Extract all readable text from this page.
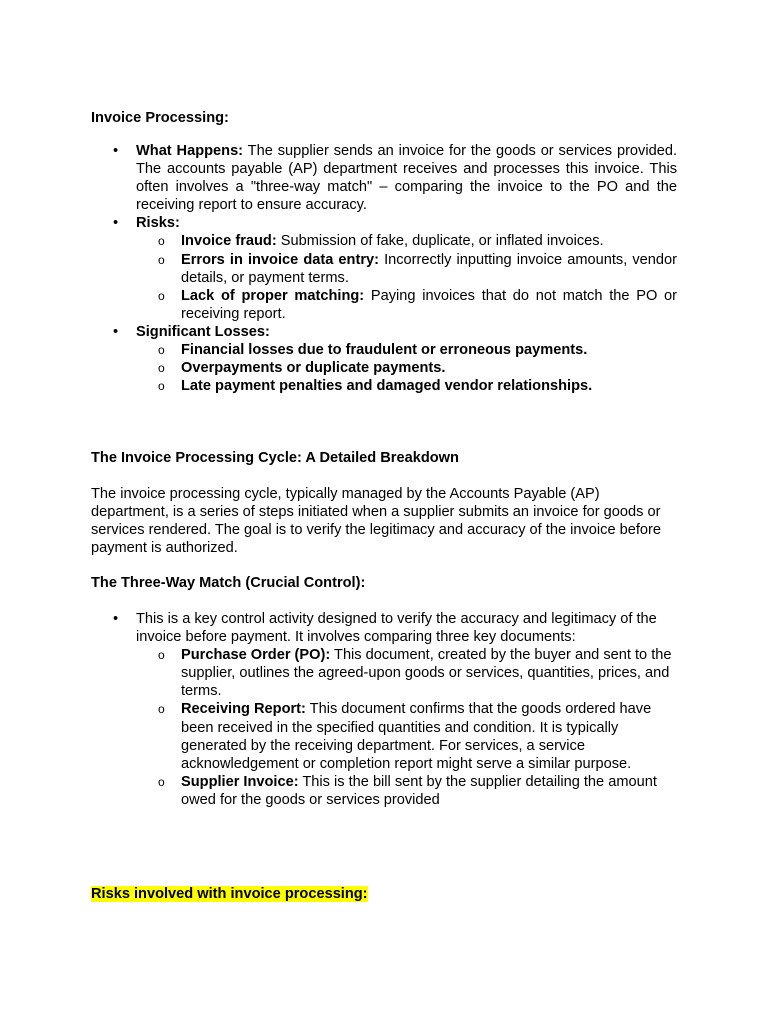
Invoice Processing:
• What Happens: The supplier sends an invoice for the goods or services provided. The accounts payable (AP) department receives and processes this invoice. This often involves a "three-way match" – comparing the invoice to the PO and the receiving report to ensure accuracy.
• Risks:
o Invoice fraud: Submission of fake, duplicate, or inflated invoices.
o Errors in invoice data entry: Incorrectly inputting invoice amounts, vendor details, or payment terms.
o Lack of proper matching: Paying invoices that do not match the PO or receiving report.
• Significant Losses:
o Financial losses due to fraudulent or erroneous payments.
o Overpayments or duplicate payments.
o Late payment penalties and damaged vendor relationships.
The Invoice Processing Cycle: A Detailed Breakdown
The invoice processing cycle, typically managed by the Accounts Payable (AP) department, is a series of steps initiated when a supplier submits an invoice for goods or services rendered. The goal is to verify the legitimacy and accuracy of the invoice before payment is authorized.
The Three-Way Match (Crucial Control):
• This is a key control activity designed to verify the accuracy and legitimacy of the invoice before payment. It involves comparing three key documents:
o Purchase Order (PO): This document, created by the buyer and sent to the supplier, outlines the agreed-upon goods or services, quantities, prices, and terms.
o Receiving Report: This document confirms that the goods ordered have been received in the specified quantities and condition. It is typically generated by the receiving department. For services, a service acknowledgement or completion report might serve a similar purpose.
o Supplier Invoice: This is the bill sent by the supplier detailing the amount owed for the goods or services provided
Risks involved with invoice processing:
